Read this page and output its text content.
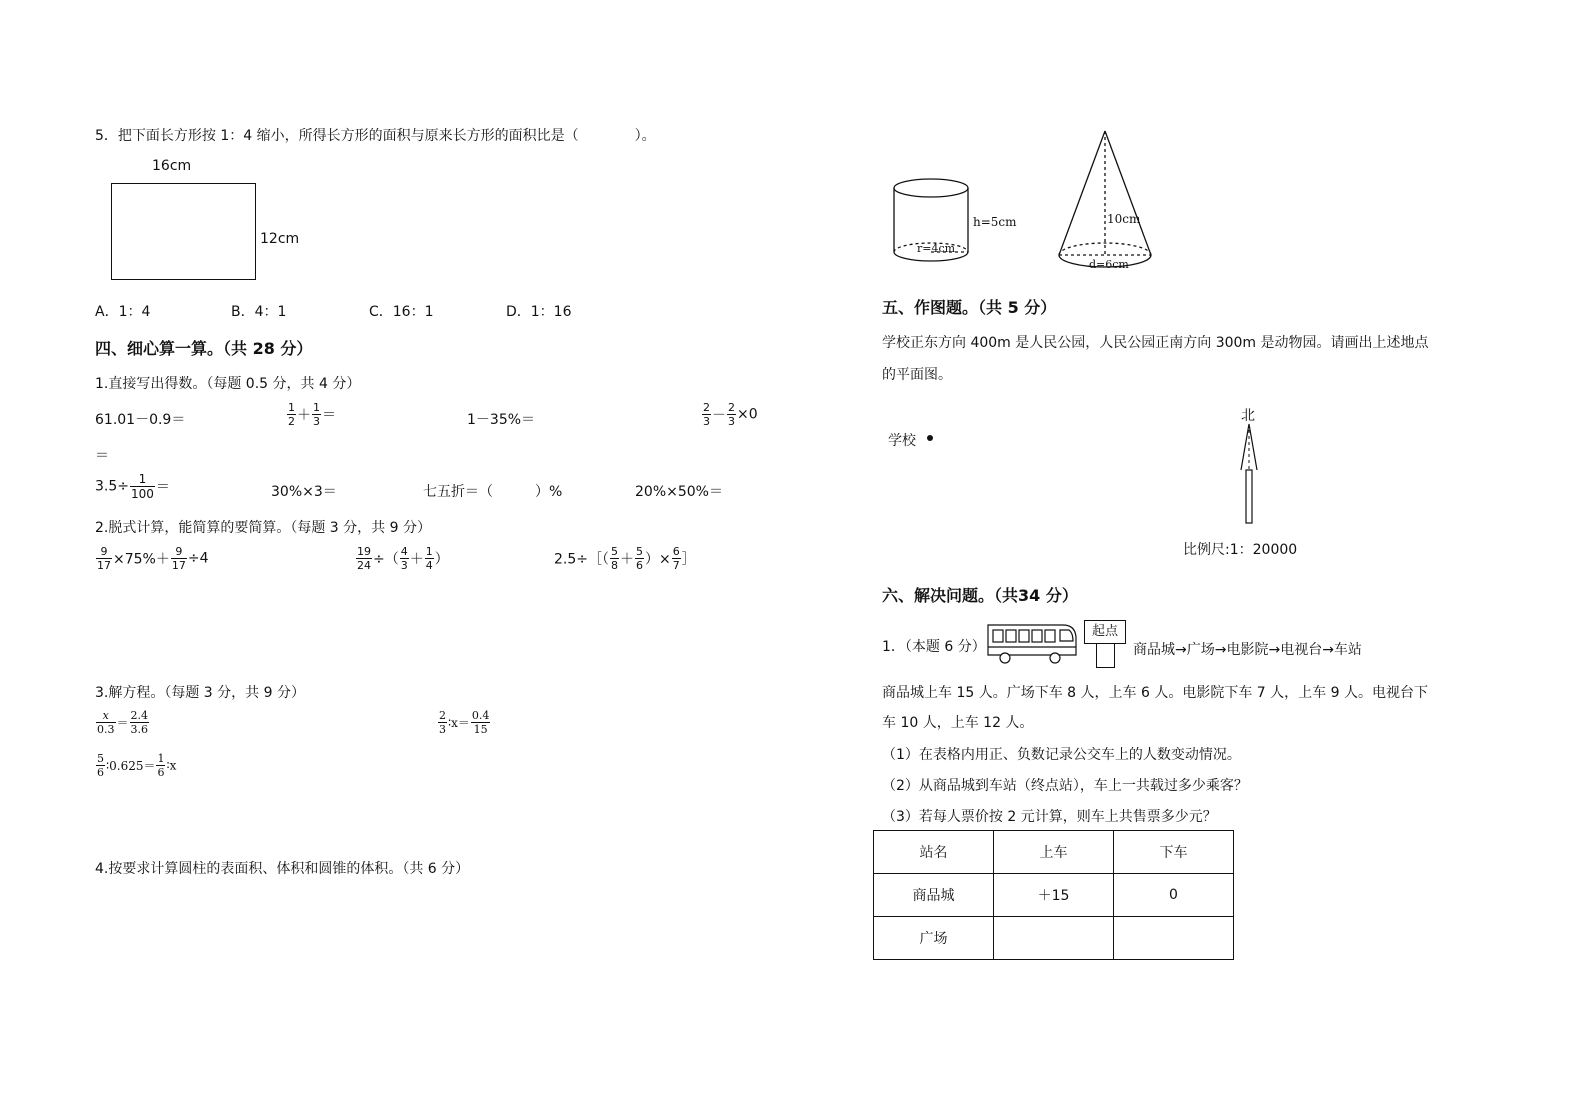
5．把下面长方形按 1：4 缩小，所得长方形的面积与原来长方形的面积比是（　　　　）。
16cm
12cm
A．1：4	B．4：1	C．16：1	D．1：16
四、细心算一算。（共 28 分）
1.直接写出得数。（每题 0.5 分，共 4 分）
61.01－0.9＝	$\frac{1}{2} + \frac{1}{3}$ ＝	1－35%＝	$\frac{2}{3} - \frac{2}{3} \times 0$
＝
$3.5\div \frac{1}{100}$ ＝	30%×3＝	七五折＝（　　　）%	20%×50%＝
2.脱式计算，能简算的要简算。（每题 3 分，共 9 分）
$\frac{9}{17} \times 75\%+ \frac{9}{17} \div 4$	$\frac{19}{24}$ ÷（ $\frac{4}{3} + \frac{1}{4}$ ）	2.5÷［（ $\frac{5}{8} + \frac{5}{6}$ ）× $\frac{6}{7}$ ］
3.解方程。（每题 3 分，共 9 分）
$\frac{x}{0.3} = \frac{2.4}{3.6}$	$\frac{2}{3}$ ∶x＝ $\frac{0.4}{15}$
$\frac{5}{6}$ ∶0.625＝ $\frac{1}{6}$ ∶x
4.按要求计算圆柱的表面积、体积和圆锥的体积。（共 6 分）
h=5cm
r=4cm
10cm
d=6cm
五、作图题。（共 5 分）
学校正东方向 400m 是人民公园，人民公园正南方向 300m 是动物园。请画出上述地点
的平面图。
学校
北
比例尺:1：20000
六、解决问题。（共34 分）
1．（本题 6 分）
起点
商品城→广场→电影院→电视台→车站
商品城上车 15 人。广场下车 8 人，上车 6 人。电影院下车 7 人，上车 9 人。电视台下
车 10 人，上车 12 人。
（1）在表格内用正、负数记录公交车上的人数变动情况。
（2）从商品城到车站（终点站），车上一共载过多少乘客？
（3）若每人票价按 2 元计算，则车上共售票多少元？
站名	上车	下车
商品城	＋15	0
广场		
